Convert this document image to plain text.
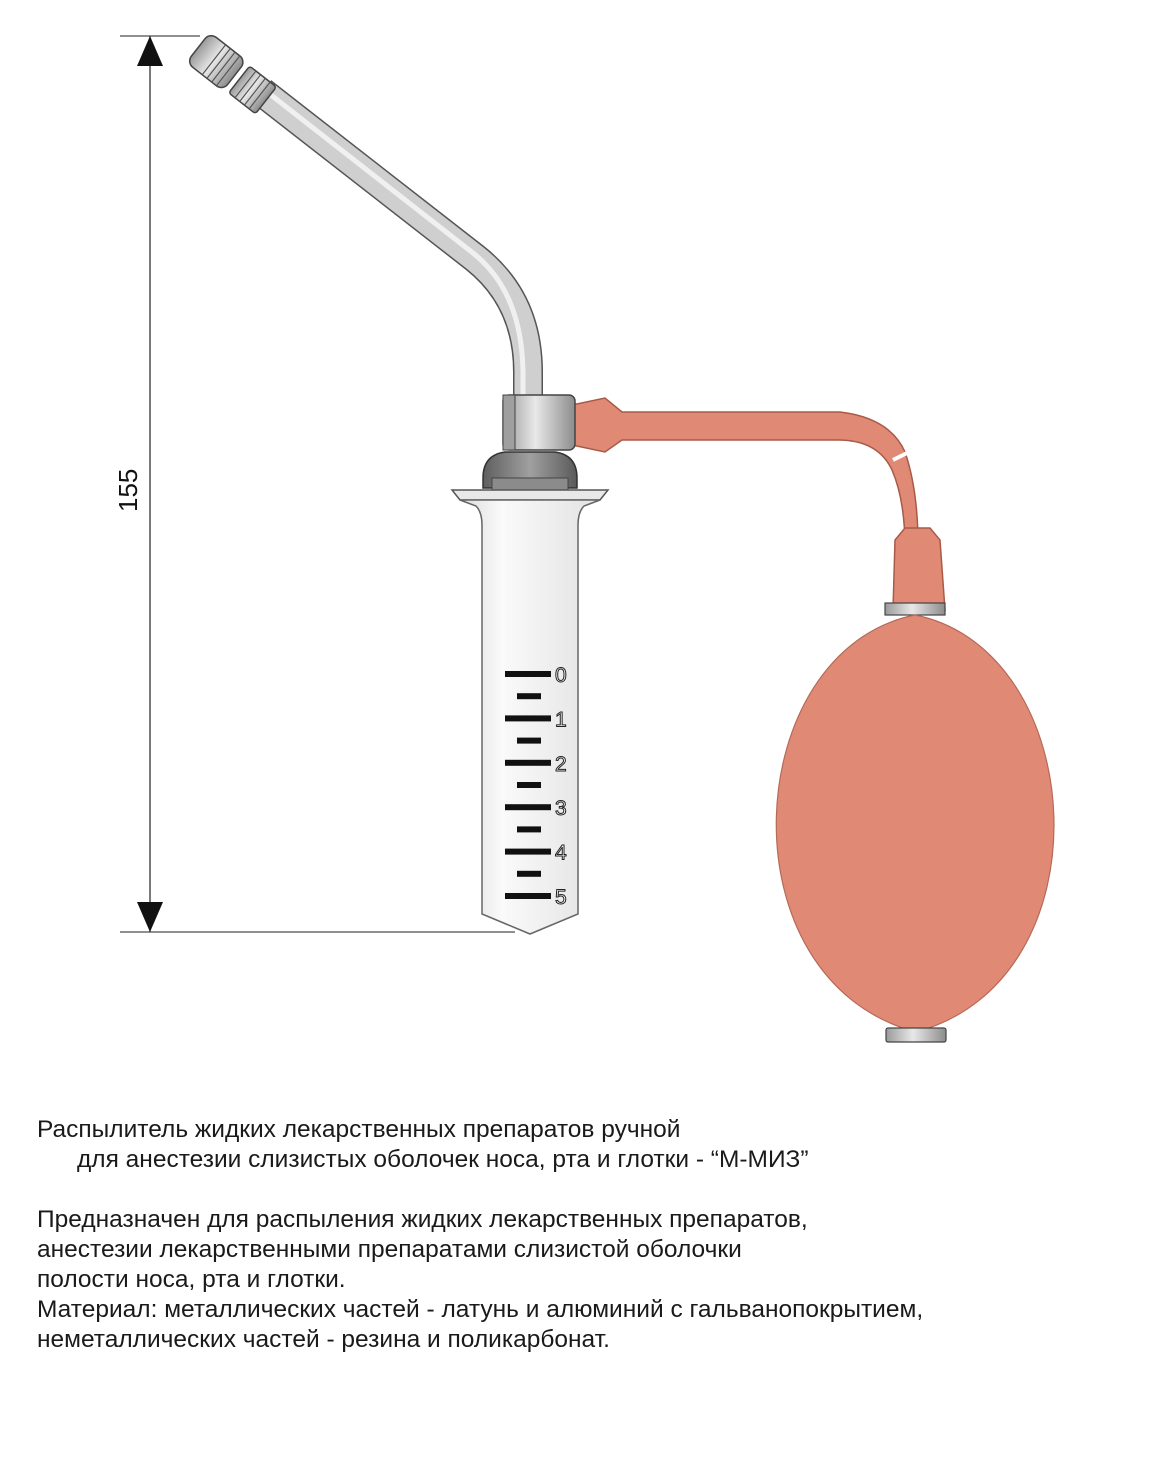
155
0
1
2
3
4
5

Распылитель жидких лекарственных препаратов ручной

для анестезии слизистых оболочек носа, рта и глотки - “М-МИЗ”

Предназначен для распыления жидких лекарственных препаратов,

анестезии лекарственными препаратами слизистой оболочки

полости носа, рта и глотки.

Материал: металлических частей - латунь и алюминий с гальванопокрытием,

неметаллических частей - резина и поликарбонат.
